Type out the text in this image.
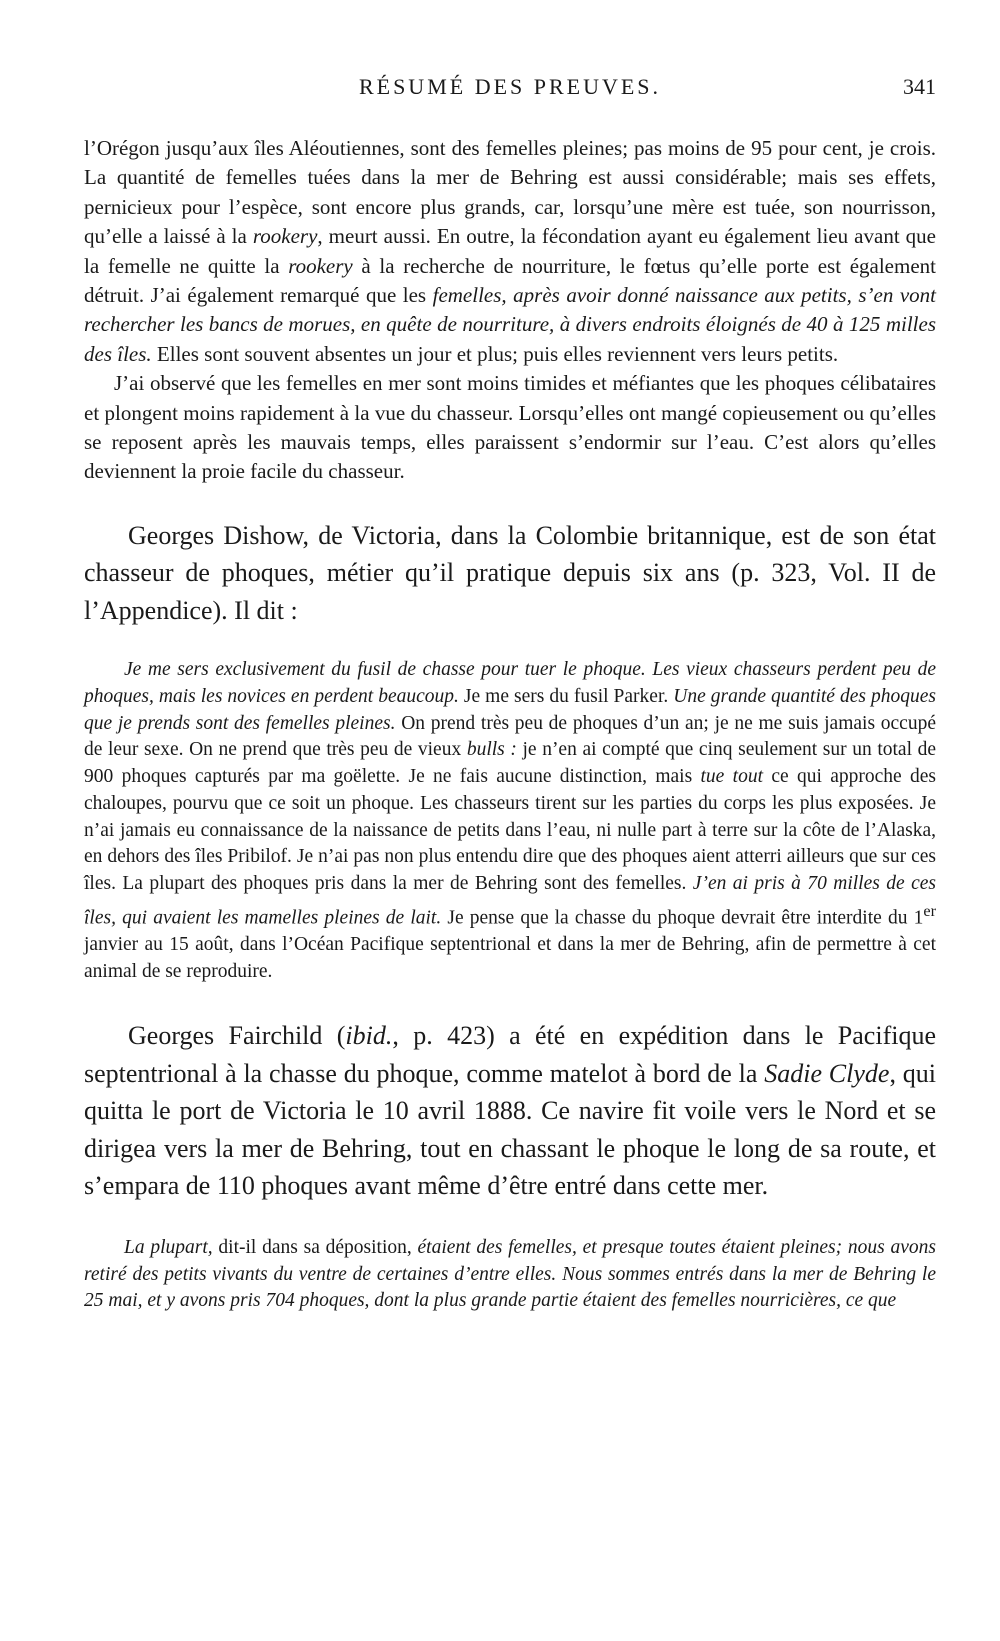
RÉSUMÉ DES PREUVES.	341

l’Orégon jusqu’aux îles Aléoutiennes, sont des femelles pleines; pas moins de 95 pour cent, je crois. La quantité de femelles tuées dans la mer de Behring est aussi considérable; mais ses effets, pernicieux pour l’espèce, sont encore plus grands, car, lorsqu’une mère est tuée, son nourrisson, qu’elle a laissé à la rookery, meurt aussi. En outre, la fécondation ayant eu également lieu avant que la femelle ne quitte la rookery à la recherche de nourriture, le fœtus qu’elle porte est également détruit. J’ai également remarqué que les femelles, après avoir donné naissance aux petits, s’en vont rechercher les bancs de morues, en quête de nourriture, à divers endroits éloignés de 40 à 125 milles des îles. Elles sont souvent absentes un jour et plus; puis elles reviennent vers leurs petits.

J’ai observé que les femelles en mer sont moins timides et méfiantes que les phoques célibataires et plongent moins rapidement à la vue du chasseur. Lorsqu’elles ont mangé copieusement ou qu’elles se reposent après les mauvais temps, elles paraissent s’endormir sur l’eau. C’est alors qu’elles deviennent la proie facile du chasseur.

Georges Dishow, de Victoria, dans la Colombie britannique, est de son état chasseur de phoques, métier qu’il pratique depuis six ans (p. 323, Vol. II de l’Appendice). Il dit :

Je me sers exclusivement du fusil de chasse pour tuer le phoque. Les vieux chasseurs perdent peu de phoques, mais les novices en perdent beaucoup. Je me sers du fusil Parker. Une grande quantité des phoques que je prends sont des femelles pleines. On prend très peu de phoques d’un an; je ne me suis jamais occupé de leur sexe. On ne prend que très peu de vieux bulls : je n’en ai compté que cinq seulement sur un total de 900 phoques capturés par ma goëlette. Je ne fais aucune distinction, mais tue tout ce qui approche des chaloupes, pourvu que ce soit un phoque. Les chasseurs tirent sur les parties du corps les plus exposées. Je n’ai jamais eu connaissance de la naissance de petits dans l’eau, ni nulle part à terre sur la côte de l’Alaska, en dehors des îles Pribilof. Je n’ai pas non plus entendu dire que des phoques aient atterri ailleurs que sur ces îles. La plupart des phoques pris dans la mer de Behring sont des femelles. J’en ai pris à 70 milles de ces îles, qui avaient les mamelles pleines de lait. Je pense que la chasse du phoque devrait être interdite du 1er janvier au 15 août, dans l’Océan Pacifique septentrional et dans la mer de Behring, afin de permettre à cet animal de se reproduire.

Georges Fairchild (ibid., p. 423) a été en expédition dans le Pacifique septentrional à la chasse du phoque, comme matelot à bord de la Sadie Clyde, qui quitta le port de Victoria le 10 avril 1888. Ce navire fit voile vers le Nord et se dirigea vers la mer de Behring, tout en chassant le phoque le long de sa route, et s’empara de 110 phoques avant même d’être entré dans cette mer.

La plupart, dit-il dans sa déposition, étaient des femelles, et presque toutes étaient pleines; nous avons retiré des petits vivants du ventre de certaines d’entre elles. Nous sommes entrés dans la mer de Behring le 25 mai, et y avons pris 704 phoques, dont la plus grande partie étaient des femelles nourricières, ce que
